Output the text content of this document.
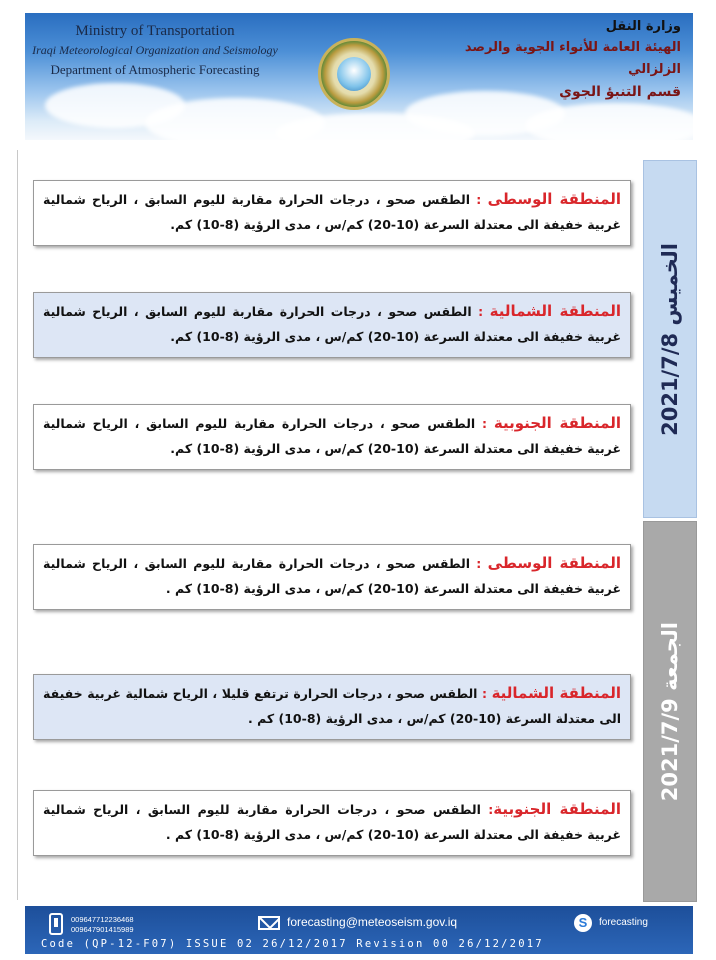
Ministry of Transportation
Iraqi Meteorological Organization and Seismology
Department of Atmospheric Forecasting
وزارة النقل
الهيئة العامة للأنواء الجوية والرصد الزلزالي
قسم التنبؤ الجوي
الخميس 2021/7/8
المنطقة الوسطى : الطقس صحو ، درجات الحرارة مقاربة لليوم السابق ، الرياح شمالية غربية خفيفة الى معتدلة السرعة (10-20) كم/س ، مدى الرؤية (8-10) كم.
المنطقة الشمالية : الطقس صحو ، درجات الحرارة مقاربة لليوم السابق ، الرياح شمالية غربية خفيفة الى معتدلة السرعة (10-20) كم/س ، مدى الرؤية (8-10) كم.
المنطقة الجنوبية : الطقس صحو ، درجات الحرارة مقاربة لليوم السابق ، الرياح شمالية غربية خفيفة الى معتدلة السرعة (10-20) كم/س ، مدى الرؤية (8-10) كم.
الجمعة 2021/7/9
المنطقة الوسطى : الطقس صحو ، درجات الحرارة مقاربة لليوم السابق ، الرياح شمالية غربية خفيفة الى معتدلة السرعة (10-20) كم/س ، مدى الرؤية (8-10) كم .
المنطقة الشمالية : الطقس صحو ، درجات الحرارة ترتفع قليلا ، الرياح شمالية غربية خفيفة الى معتدلة السرعة (10-20) كم/س ، مدى الرؤية (8-10) كم .
المنطقة الجنوبية: الطقس صحو ، درجات الحرارة مقاربة لليوم السابق ، الرياح شمالية غربية خفيفة الى معتدلة السرعة (10-20) كم/س ، مدى الرؤية (8-10) كم .
009647712236468
009647901415989
forecasting@meteoseism.gov.iq	S	forecasting
Code (QP-12-F07) ISSUE 02 26/12/2017 Revision 00 26/12/2017
